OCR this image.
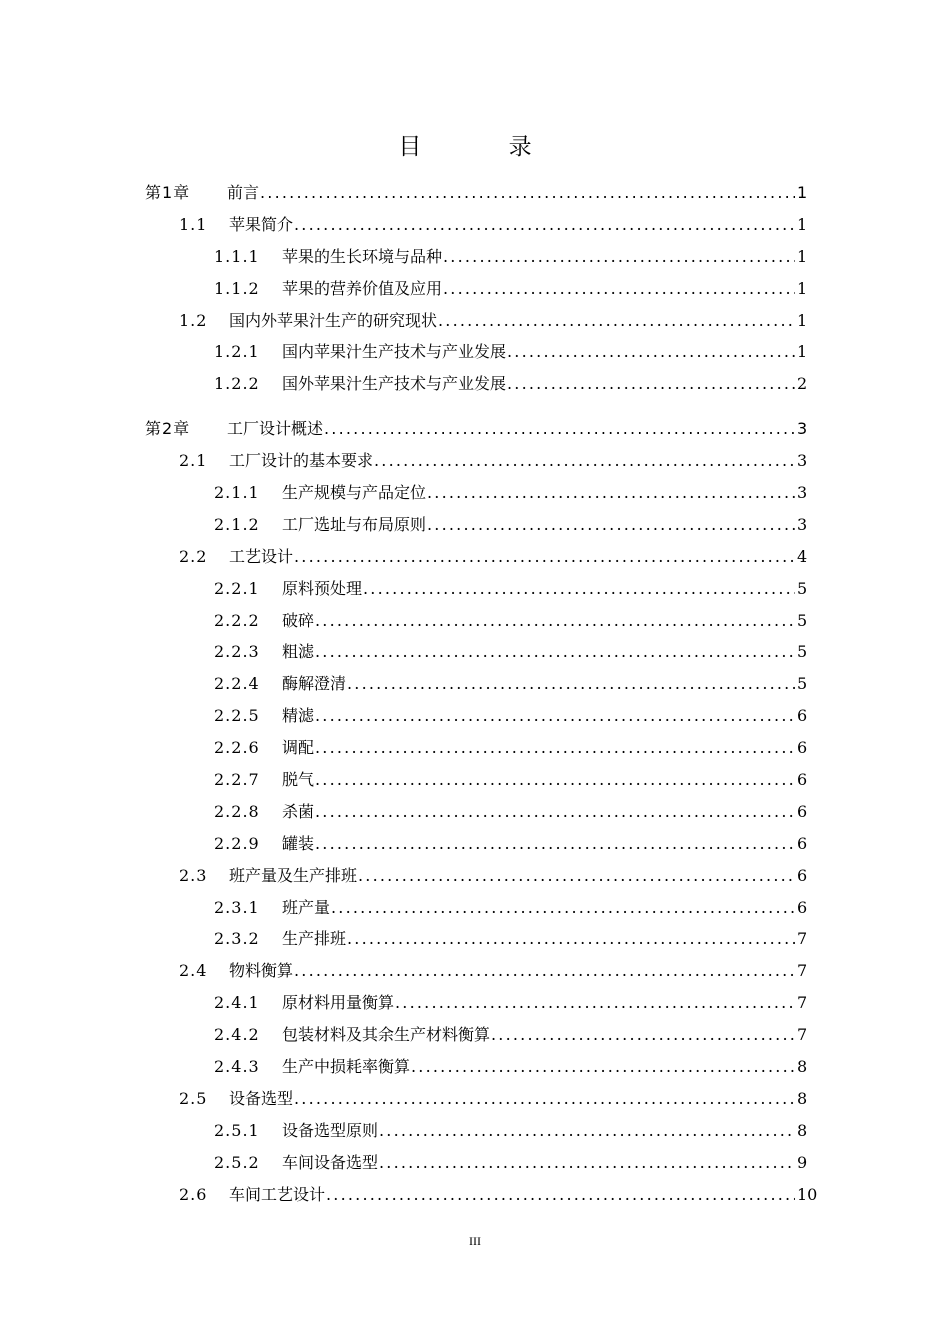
目 录
第1章	前言 .....	1
1.1	苹果简介 .....	1
1.1.1	苹果的生长环境与品种 .....	1
1.1.2	苹果的营养价值及应用 .....	1
1.2	国内外苹果汁生产的研究现状 .....	1
1.2.1	国内苹果汁生产技术与产业发展 .....	1
1.2.2	国外苹果汁生产技术与产业发展 .....	2
第2章	工厂设计概述 .....	3
2.1	工厂设计的基本要求 .....	3
2.1.1	生产规模与产品定位 .....	3
2.1.2	工厂选址与布局原则 .....	3
2.2	工艺设计 .....	4
2.2.1	原料预处理 .....	5
2.2.2	破碎 .....	5
2.2.3	粗滤 .....	5
2.2.4	酶解澄清 .....	5
2.2.5	精滤 .....	6
2.2.6	调配 .....	6
2.2.7	脱气 .....	6
2.2.8	杀菌 .....	6
2.2.9	罐装 .....	6
2.3	班产量及生产排班 .....	6
2.3.1	班产量 .....	6
2.3.2	生产排班 .....	7
2.4	物料衡算 .....	7
2.4.1	原材料用量衡算 .....	7
2.4.2	包装材料及其余生产材料衡算 .....	7
2.4.3	生产中损耗率衡算 .....	8
2.5	设备选型 .....	8
2.5.1	设备选型原则 .....	8
2.5.2	车间设备选型 .....	9
2.6	车间工艺设计 .....	10
III
